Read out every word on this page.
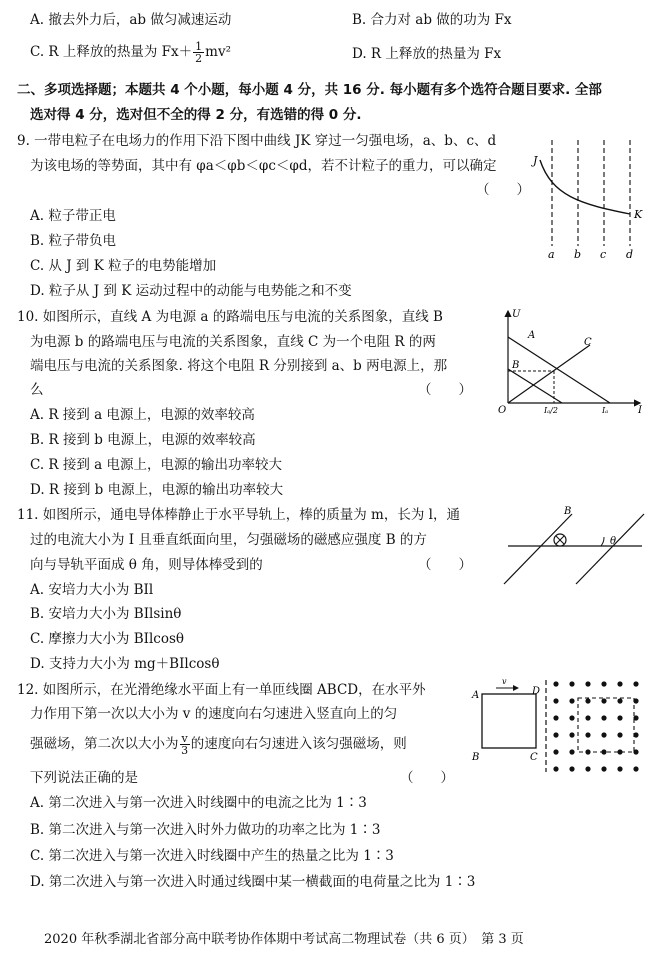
A. 撤去外力后，ab 做匀减速运动	B. 合力对 ab 做的功为 Fx
C. R 上释放的热量为 $Fx+ \frac{1}{2} mv^2$	D. R 上释放的热量为 Fx
二、多项选择题；本题共 4 个小题，每小题 4 分，共 16 分. 每小题有多个选符合题目要求. 全部
选对得 4 分，选对但不全的得 2 分，有选错的得 0 分.
9. 一带电粒子在电场力的作用下沿下图中曲线 JK 穿过一匀强电场，a、b、c、d
为该电场的等势面，其中有 φa＜φb＜φc＜φd，若不计粒子的重力，可以确定
（　　）
A. 粒子带正电
B. 粒子带负电
C. 从 J 到 K 粒子的电势能增加
D. 粒子从 J 到 K 运动过程中的动能与电势能之和不变
J
K
a b c d
10. 如图所示，直线 A 为电源 a 的路端电压与电流的关系图象，直线 B
为电源 b 的路端电压与电流的关系图象，直线 C 为一个电阻 R 的两
端电压与电流的关系图象. 将这个电阻 R 分别接到 a、b 两电源上，那
么	（　　）
A. R 接到 a 电源上，电源的效率较高
B. R 接到 b 电源上，电源的效率较高
C. R 接到 a 电源上，电源的输出功率较大
D. R 接到 b 电源上，电源的输出功率较大
U
A
B
C
O	Iₐ/2	Iₐ	I
11. 如图所示，通电导体棒静止于水平导轨上，棒的质量为 m，长为 l，通
过的电流大小为 I 且垂直纸面向里，匀强磁场的磁感应强度 B 的方
向与导轨平面成 θ 角，则导体棒受到的	（　　）
A. 安培力大小为 BIl
B. 安培力大小为 BIlsinθ
C. 摩擦力大小为 BIlcosθ
D. 支持力大小为 mg＋BIlcosθ
B
θ
12. 如图所示，在光滑绝缘水平面上有一单匝线圈 ABCD，在水平外
力作用下第一次以大小为 v 的速度向右匀速进入竖直向上的匀
强磁场，第二次以大小为 $\frac{v}{3}$ 的速度向右匀速进入该匀强磁场，则
下列说法正确的是	（　　）
A. 第二次进入与第一次进入时线圈中的电流之比为 1∶3
B. 第二次进入与第一次进入时外力做功的功率之比为 1∶3
C. 第二次进入与第一次进入时线圈中产生的热量之比为 1∶3
D. 第二次进入与第一次进入时通过线圈中某一横截面的电荷量之比为 1∶3
v
A
B	C
D
2020 年秋季湖北省部分高中联考协作体期中考试高二物理试卷（共 6 页）　第 3 页
